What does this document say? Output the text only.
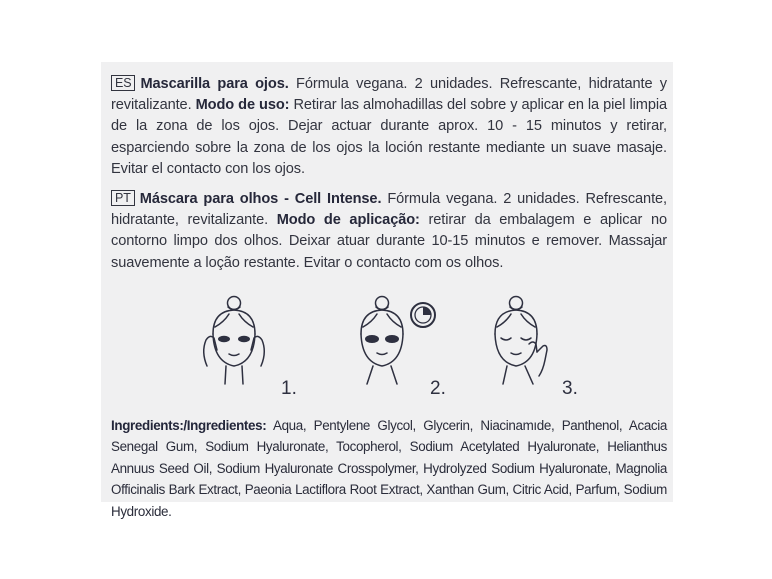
ES Mascarilla para ojos. Fórmula vegana. 2 unidades. Refrescante, hidratante y revitalizante. Modo de uso: Retirar las almohadillas del sobre y aplicar en la piel limpia de la zona de los ojos. Dejar actuar durante aprox. 10 - 15 minutos y retirar, esparciendo sobre la zona de los ojos la loción restante mediante un suave masaje. Evitar el contacto con los ojos.
PT Máscara para olhos - Cell Intense. Fórmula vegana. 2 unidades. Refrescante, hidratante, revitalizante. Modo de aplicação: retirar da embalagem e aplicar no contorno limpo dos olhos. Deixar atuar durante 10-15 minutos e remover. Massajar suavemente a loção restante. Evitar o contacto com os olhos.
1.	2.	3.
Ingredients:/Ingredientes: Aqua, Pentylene Glycol, Glycerin, Niacinamıde, Panthenol, Acacia Senegal Gum, Sodium Hyaluronate, Tocopherol, Sodium Acetylated Hyaluronate, Helianthus Annuus Seed Oil, Sodium Hyaluronate Crosspolymer, Hydrolyzed Sodium Hyaluronate, Magnolia Officinalis Bark Extract, Paeonia Lactiflora Root Extract, Xanthan Gum, Citric Acid, Parfum, Sodium Hydroxide.
